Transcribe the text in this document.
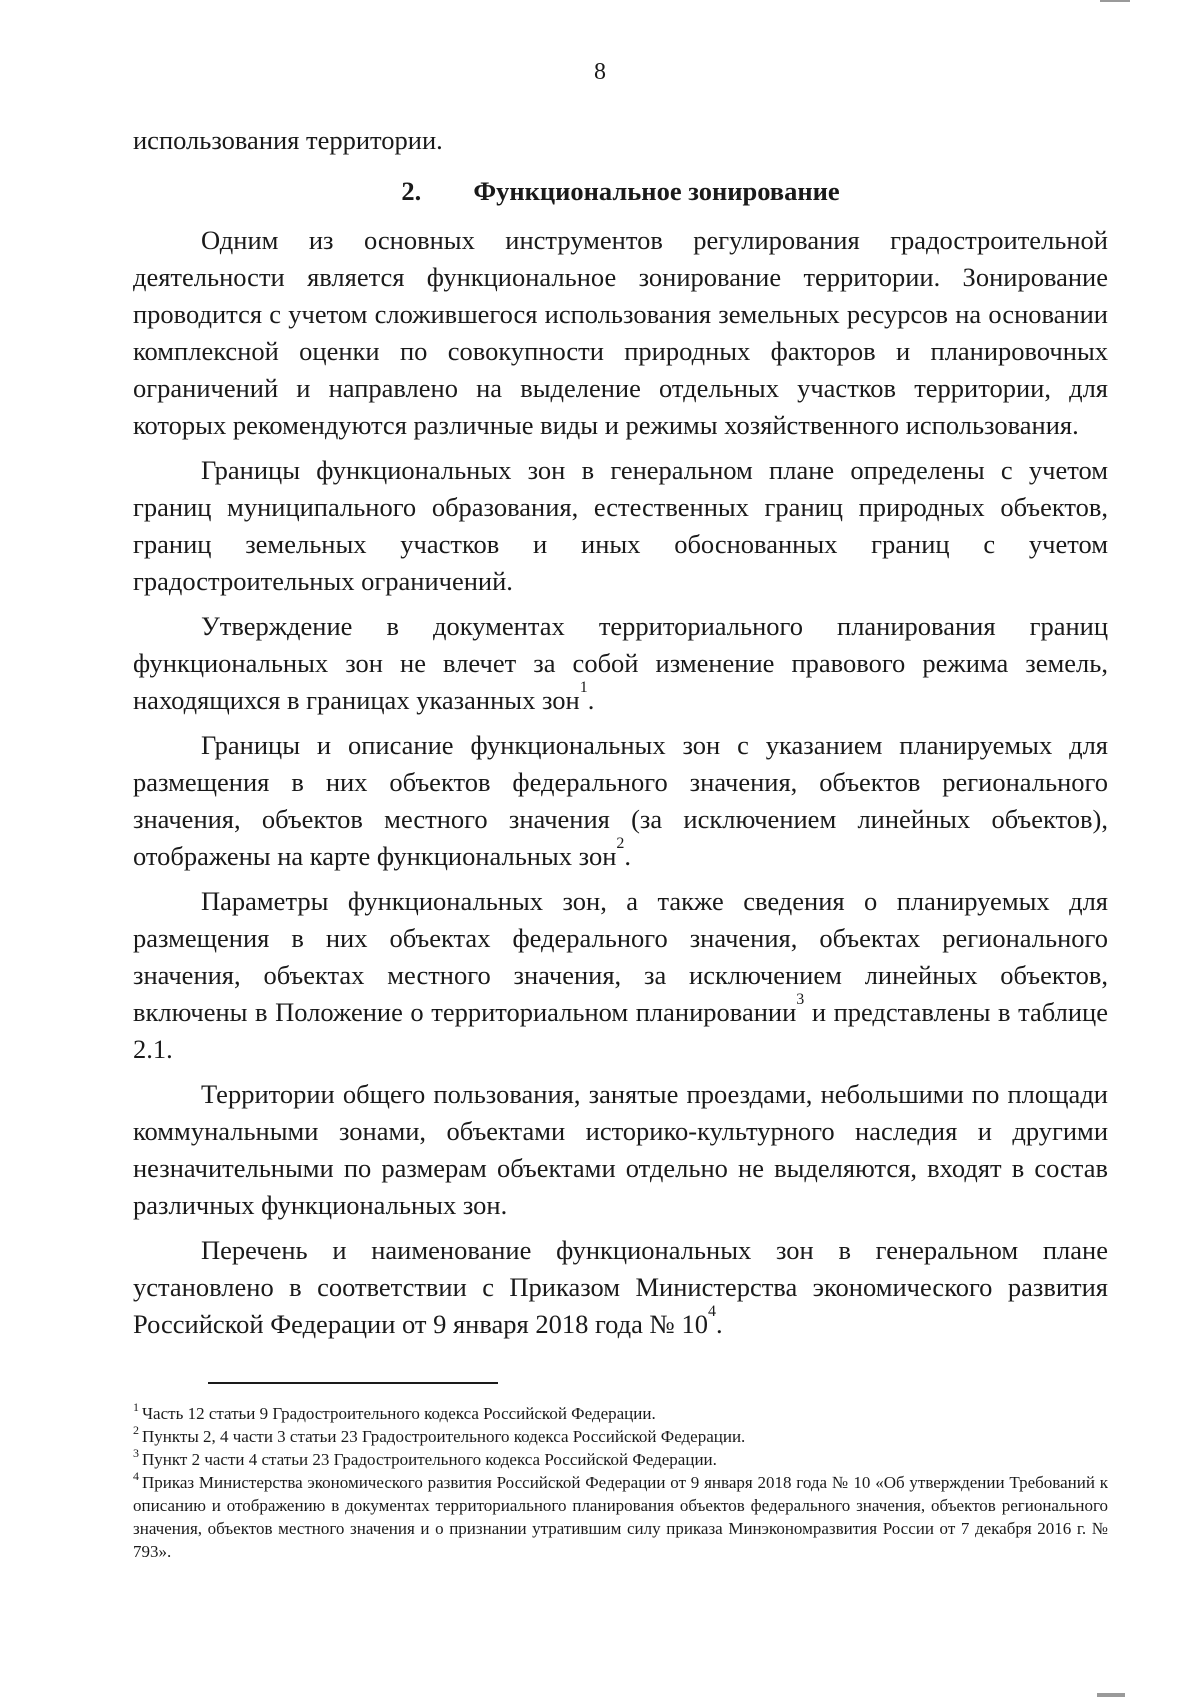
8

использования территории.

2. Функциональное зонирование

Одним из основных инструментов регулирования градостроительной деятельности является функциональное зонирование территории. Зонирование проводится с учетом сложившегося использования земельных ресурсов на основании комплексной оценки по совокупности природных факторов и планировочных ограничений и направлено на выделение отдельных участков территории, для которых рекомендуются различные виды и режимы хозяйственного использования.

Границы функциональных зон в генеральном плане определены с учетом границ муниципального образования, естественных границ природных объектов, границ земельных участков и иных обоснованных границ с учетом градостроительных ограничений.

Утверждение в документах территориального планирования границ функциональных зон не влечет за собой изменение правового режима земель, находящихся в границах указанных зон$^1$.

Границы и описание функциональных зон с указанием планируемых для размещения в них объектов федерального значения, объектов регионального значения, объектов местного значения (за исключением линейных объектов), отображены на карте функциональных зон$^2$.

Параметры функциональных зон, а также сведения о планируемых для размещения в них объектах федерального значения, объектах регионального значения, объектах местного значения, за исключением линейных объектов, включены в Положение о территориальном планировании$^3$ и представлены в таблице 2.1.

Территории общего пользования, занятые проездами, небольшими по площади коммунальными зонами, объектами историко-культурного наследия и другими незначительными по размерам объектами отдельно не выделяются, входят в состав различных функциональных зон.

Перечень и наименование функциональных зон в генеральном плане установлено в соответствии с Приказом Министерства экономического развития Российской Федерации от 9 января 2018 года № $10^4$.

$^1$ Часть 12 статьи 9 Градостроительного кодекса Российской Федерации.

$^2$ Пункты 2, 4 части 3 статьи 23 Градостроительного кодекса Российской Федерации.

$^3$ Пункт 2 части 4 статьи 23 Градостроительного кодекса Российской Федерации.

$^4$ Приказ Министерства экономического развития Российской Федерации от 9 января 2018 года № 10 «Об утверждении Требований к описанию и отображению в документах территориального планирования объектов федерального значения, объектов регионального значения, объектов местного значения и о признании утратившим силу приказа Минэкономразвития России от 7 декабря 2016 г. № 793».
